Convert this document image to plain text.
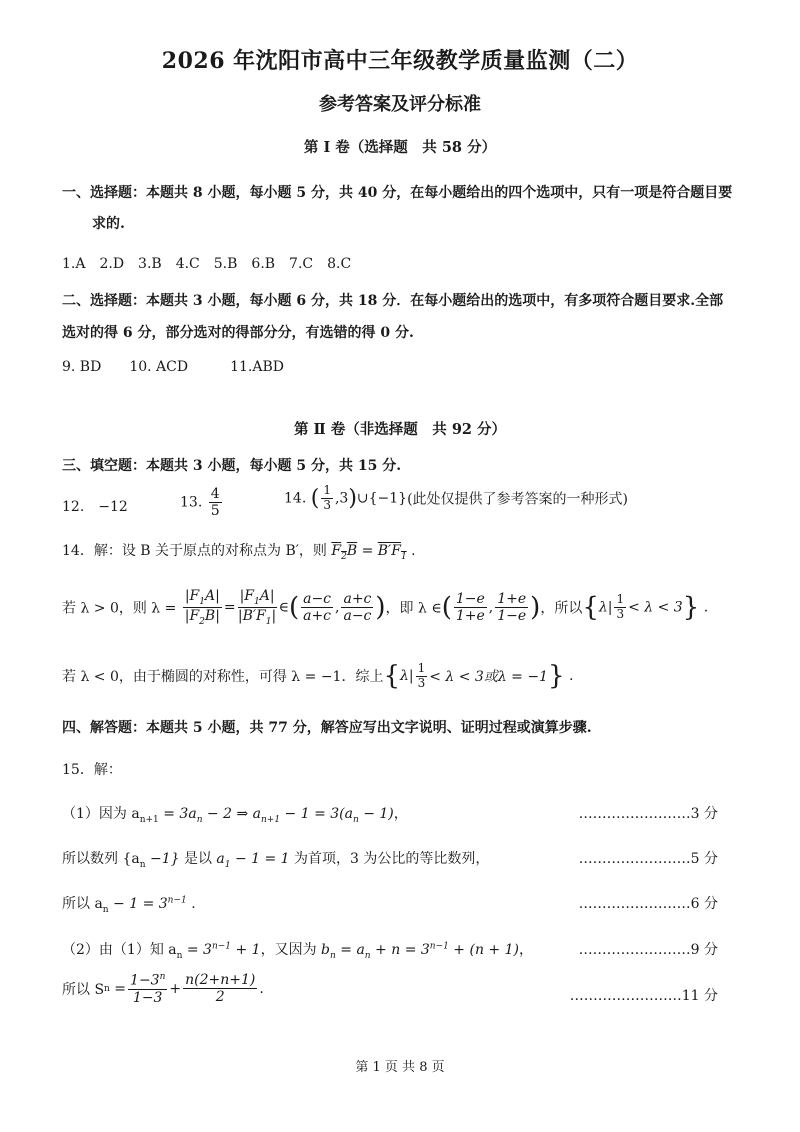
2026 年沈阳市高中三年级教学质量监测（二）
参考答案及评分标准
第 Ⅰ 卷（选择题　共 58 分）
一、选择题：本题共 8 小题，每小题 5 分，共 40 分，在每小题给出的四个选项中，只有一项是符合题目要
求的.
1.A　2.D　3.B　4.C　5.B　6.B　7.C　8.C
二、选择题：本题共 3 小题，每小题 6 分，共 18 分．在每小题给出的选项中，有多项符合题目要求.全部
选对的得 6 分，部分选对的得部分分，有选错的得 0 分.
9. BD　　10. ACD　　　11.ABD
第 Ⅱ 卷（非选择题　共 92 分）
三、填空题：本题共 3 小题，每小题 5 分，共 15 分.
12.　−12	13. $\frac{4}{5}$	14. ( $\frac{1}{3}$ ,3)∪{−1}(此处仅提供了参考答案的一种形式)
14．解：设 B 关于原点的对称点为 B′，则 $F_2B = B'F_1$ .
若 λ > 0，则 $\lambda = \frac{|F_1A|}{|F_2B|} = \frac{|F_1A|}{|B'F_1|}$ ∈( $\frac{a-c}{a+c}$ , $\frac{a+c}{a-c}$ )，即 λ ∈( $\frac{1-e}{1+e}$ , $\frac{1+e}{1-e}$ )，所以$\{\lambda| \frac{1}{3} < \lambda < 3\}$ .
若 λ < 0，由于椭圆的对称性，可得 λ = −1．综上{$\lambda| \frac{1}{3} < \lambda < 3$或λ = −1} .
四、解答题：本题共 5 小题，共 77 分，解答应写出文字说明、证明过程或演算步骤.
15．解：
（1）因为 $a_{n+1} = 3a_n - 2$ ⇒ $a_{n+1} - 1 = 3(a_n - 1)$，	……………………3 分
所以数列 $\{a_n -1\}$ 是以 $a_1 - 1 = 1$ 为首项，3 为公比的等比数列，	……………………5 分
所以 $a_n - 1 = 3^{n-1}$ .	……………………6 分
（2）由（1）知 $a_n = 3^{n-1} + 1$，又因为 $b_n = a_n + n = 3^{n-1} + (n + 1)$，	……………………9 分
所以 $Sn = \frac{1-3^n}{1-3} + \frac{n(2+n+1)}{2}$ .	……………………11 分
第 1 页 共 8 页
